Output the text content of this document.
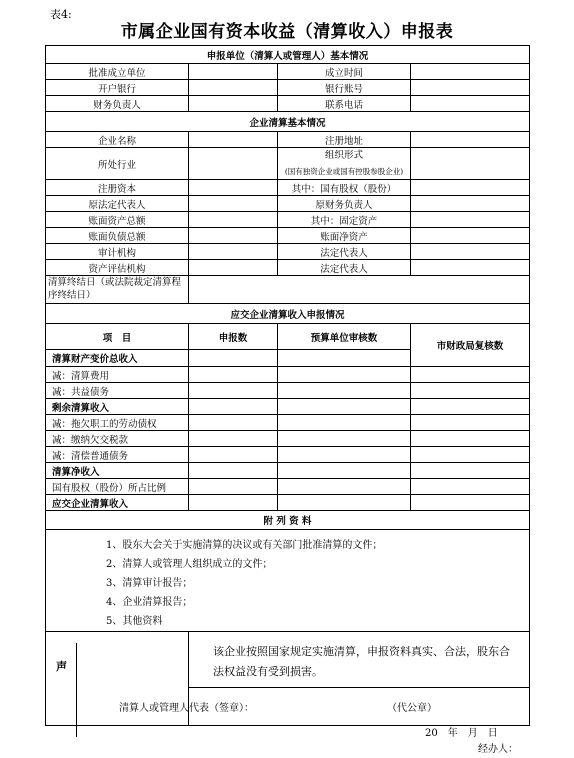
表4:
市属企业国有资本收益（清算收入）申报表
申报单位（清算人或管理人）基本情况			
批准成立单位		成立时间	
开户银行		银行账号	
财务负责人		联系电话	
企业清算基本情况			
企业名称		注册地址	
所处行业		组织形式
(国有独资企业或国有控股参股企业)	

注册资本		其中：国有股权（股份）	
原法定代表人		原财务负责人	
账面资产总额		其中：固定资产	
账面负债总额		账面净资产	
审计机构		法定代表人	
资产评估机构		法定代表人	
清算终结日（或法院裁定清算程序终结日）			
应交企业清算收入申报情况			
项　目	申报数	预算单位审核数	市财政局复核数
清算财产变价总收入			
减：清算费用			
减：共益债务			
剩余清算收入			
减：拖欠职工的劳动债权			
减：缴纳欠交税款			
减：清偿普通债务			
清算净收入			
国有股权（股份）所占比例			
应交企业清算收入			
附 列 资 料			

1、股东大会关于实施清算的决议或有关部门批准清算的文件；
2、清算人或管理人组织成立的文件；
3、清算审计报告；
4、企业清算报告；
5、其他资料			

	该企业按照国家规定实施清算，申报资料真实、合法，股东合法权益没有受到损害。		
	清算人或管理人代表（签章）： （代公章）		
20　年　月　日
经办人：
声
